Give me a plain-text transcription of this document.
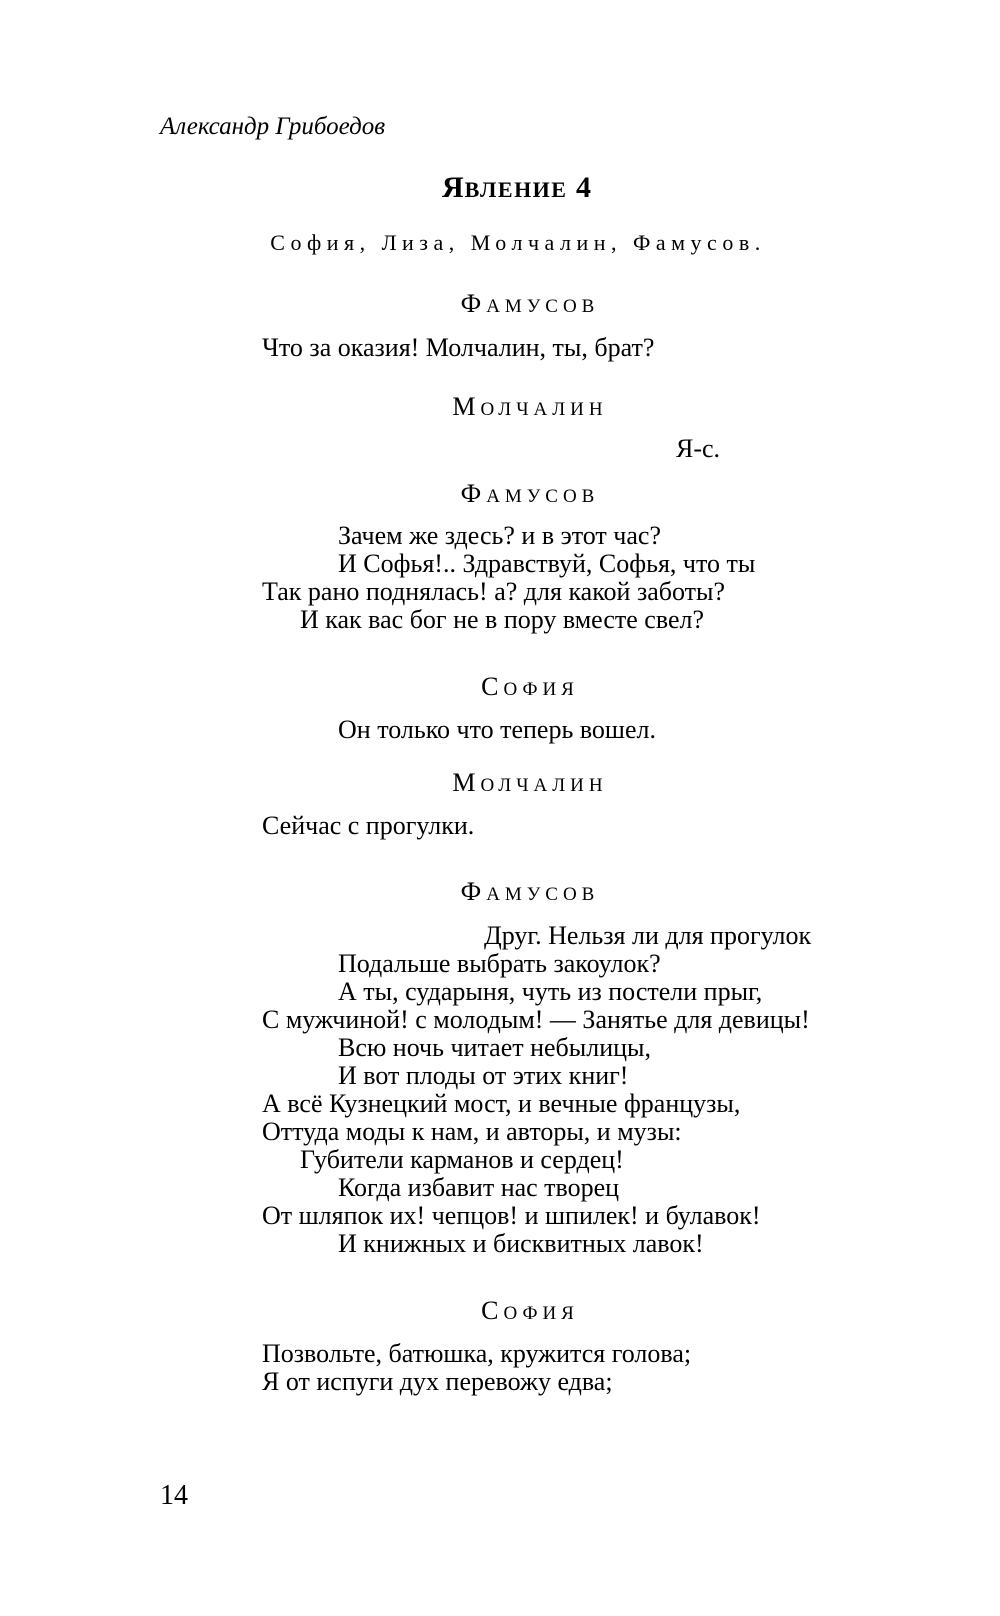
Александр Грибоедов
ЯВЛЕНИЕ 4
София, Лиза, Молчалин, Фамусов.
ФАМУСОВ
Что за оказия! Молчалин, ты, брат?
МОЛЧАЛИН
Я-с.
ФАМУСОВ
Зачем же здесь? и в этот час?
И Софья!.. Здравствуй, Софья, что ты
Так рано поднялась! а? для какой заботы?
И как вас бог не в пору вместе свел?
СОФИЯ
Он только что теперь вошел.
МОЛЧАЛИН
Сейчас с прогулки.
ФАМУСОВ
Друг. Нельзя ли для прогулок
Подальше выбрать закоулок?
А ты, сударыня, чуть из постели прыг,
С мужчиной! с молодым! — Занятье для девицы!
Всю ночь читает небылицы,
И вот плоды от этих книг!
А всё Кузнецкий мост, и вечные французы,
Оттуда моды к нам, и авторы, и музы:
Губители карманов и сердец!
Когда избавит нас творец
От шляпок их! чепцов! и шпилек! и булавок!
И книжных и бисквитных лавок!
СОФИЯ
Позвольте, батюшка, кружится голова;
Я от испуги дух перевожу едва;
14
